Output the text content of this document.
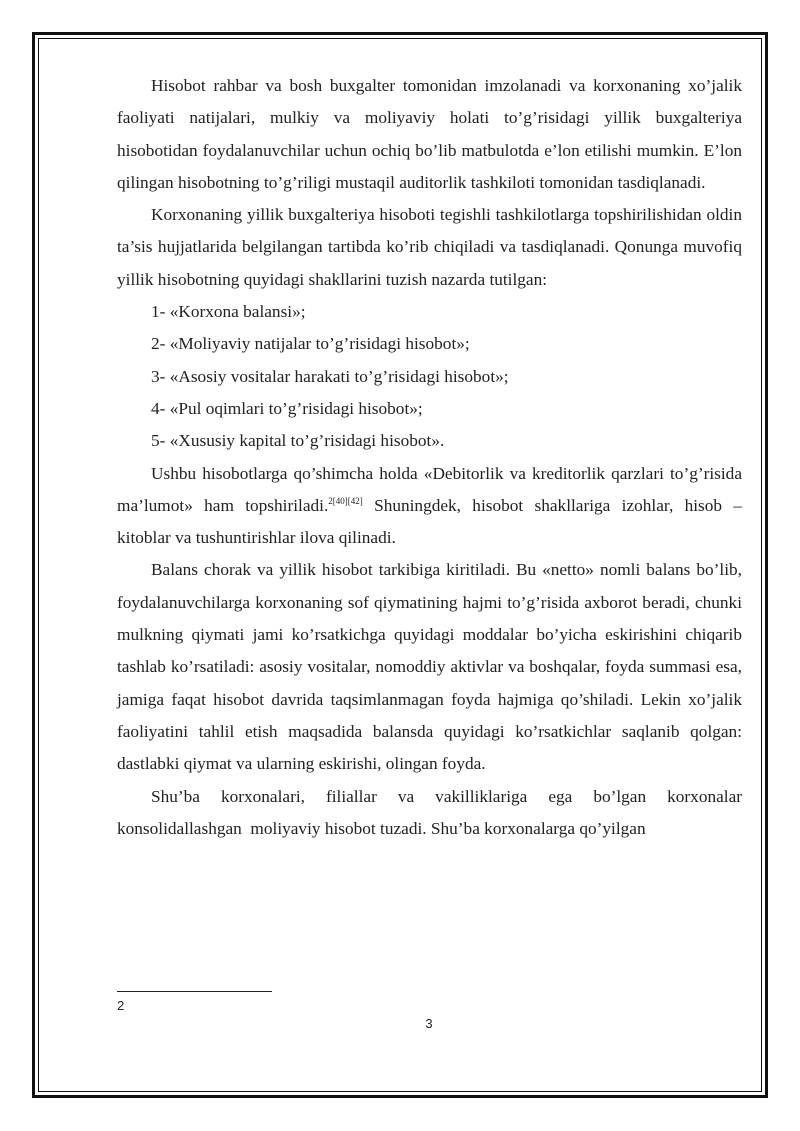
Hisobot rahbar va bosh buxgalter tomonidan imzolanadi va korxonaning xo’jalik faoliyati natijalari, mulkiy va moliyaviy holati to’g’risidagi yillik buxgalteriya hisobotidan foydalanuvchilar uchun ochiq bo’lib matbulotda e’lon etilishi mumkin. E’lon qilingan hisobotning to’g’riligi mustaqil auditorlik tashkiloti tomonidan tasdiqlanadi.

Korxonaning yillik buxgalteriya hisoboti tegishli tashkilotlarga topshirilishidan oldin ta’sis hujjatlarida belgilangan tartibda ko’rib chiqiladi va tasdiqlanadi. Qonunga muvofiq yillik hisobotning quyidagi shakllarini tuzish nazarda tutilgan:

1- «Korxona balansi»;

2- «Moliyaviy natijalar to’g’risidagi hisobot»;

3- «Asosiy vositalar harakati to’g’risidagi hisobot»;

4- «Pul oqimlari to’g’risidagi hisobot»;

5- «Xususiy kapital to’g’risidagi hisobot».

Ushbu hisobotlarga qo’shimcha holda «Debitorlik va kreditorlik qarzlari to’g’risida ma’lumot» ham topshiriladi.$^{2[40][42]}$ Shuningdek, hisobot shakllariga izohlar, hisob – kitoblar va tushuntirishlar ilova qilinadi.

Balans chorak va yillik hisobot tarkibiga kiritiladi. Bu «netto» nomli balans bo’lib, foydalanuvchilarga korxonaning sof qiymatining hajmi to’g’risida axborot beradi, chunki mulkning qiymati jami ko’rsatkichga quyidagi moddalar bo’yicha eskirishini chiqarib tashlab ko’rsatiladi: asosiy vositalar, nomoddiy aktivlar va boshqalar, foyda summasi esa, jamiga faqat hisobot davrida taqsimlanmagan foyda hajmiga qo’shiladi. Lekin xo’jalik faoliyatini tahlil etish maqsadida balansda quyidagi ko’rsatkichlar saqlanib qolgan: dastlabki qiymat va ularning eskirishi, olingan foyda.

Shu’ba korxonalari, filiallar va vakilliklariga ega bo’lgan korxonalar konsolidallashgan  moliyaviy hisobot tuzadi. Shu’ba korxonalarga qo’yilgan

2
3
